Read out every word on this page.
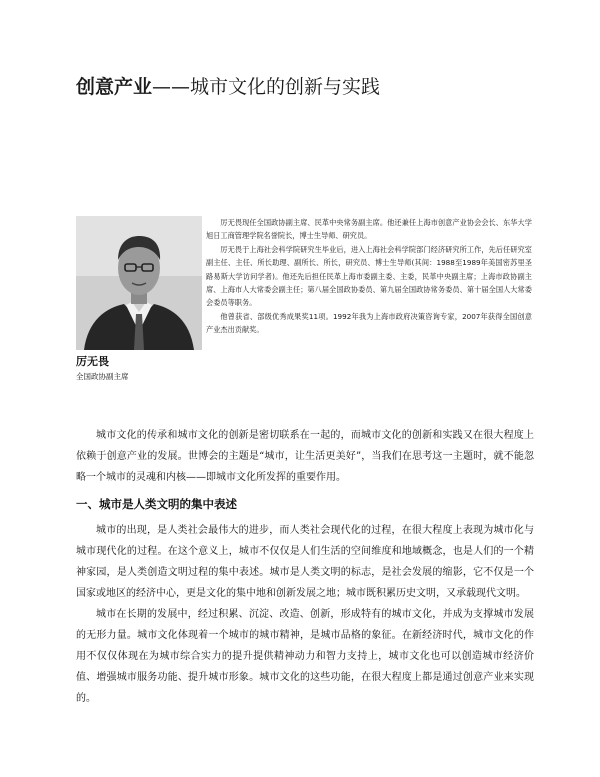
创意产业——城市文化的创新与实践
厉无畏
全国政协副主席

厉无畏现任全国政协副主席、民革中央常务副主席。他还兼任上海市创意产业协会会长、东华大学旭日工商管理学院名誉院长，博士生导师、研究员。

厉无畏于上海社会科学院研究生毕业后，进入上海社会科学院部门经济研究所工作，先后任研究室副主任、主任、所长助理、副所长、所长，研究员、博士生导师(其间：1988至1989年美国密苏里圣路易斯大学访问学者)。他还先后担任民革上海市委副主委、主委，民革中央副主席；上海市政协副主席、上海市人大常委会副主任；第八届全国政协委员、第九届全国政协常务委员、第十届全国人大常委会委员等职务。

他曾获省、部级优秀成果奖11项。1992年我为上海市政府决策咨询专家，2007年获得全国创意产业杰出贡献奖。

城市文化的传承和城市文化的创新是密切联系在一起的，而城市文化的创新和实践又在很大程度上依赖于创意产业的发展。世博会的主题是“城市，让生活更美好”，当我们在思考这一主题时，就不能忽略一个城市的灵魂和内核——即城市文化所发挥的重要作用。

一、城市是人类文明的集中表述

城市的出现，是人类社会最伟大的进步，而人类社会现代化的过程，在很大程度上表现为城市化与城市现代化的过程。在这个意义上，城市不仅仅是人们生活的空间维度和地域概念，也是人们的一个精神家园，是人类创造文明过程的集中表述。城市是人类文明的标志，是社会发展的缩影，它不仅是一个国家或地区的经济中心，更是文化的集中地和创新发展之地；城市既积累历史文明，又承载现代文明。

城市在长期的发展中，经过积累、沉淀、改造、创新，形成特有的城市文化，并成为支撑城市发展的无形力量。城市文化体现着一个城市的城市精神，是城市品格的象征。在新经济时代，城市文化的作用不仅仅体现在为城市综合实力的提升提供精神动力和智力支持上，城市文化也可以创造城市经济价值、增强城市服务功能、提升城市形象。城市文化的这些功能，在很大程度上都是通过创意产业来实现的。
